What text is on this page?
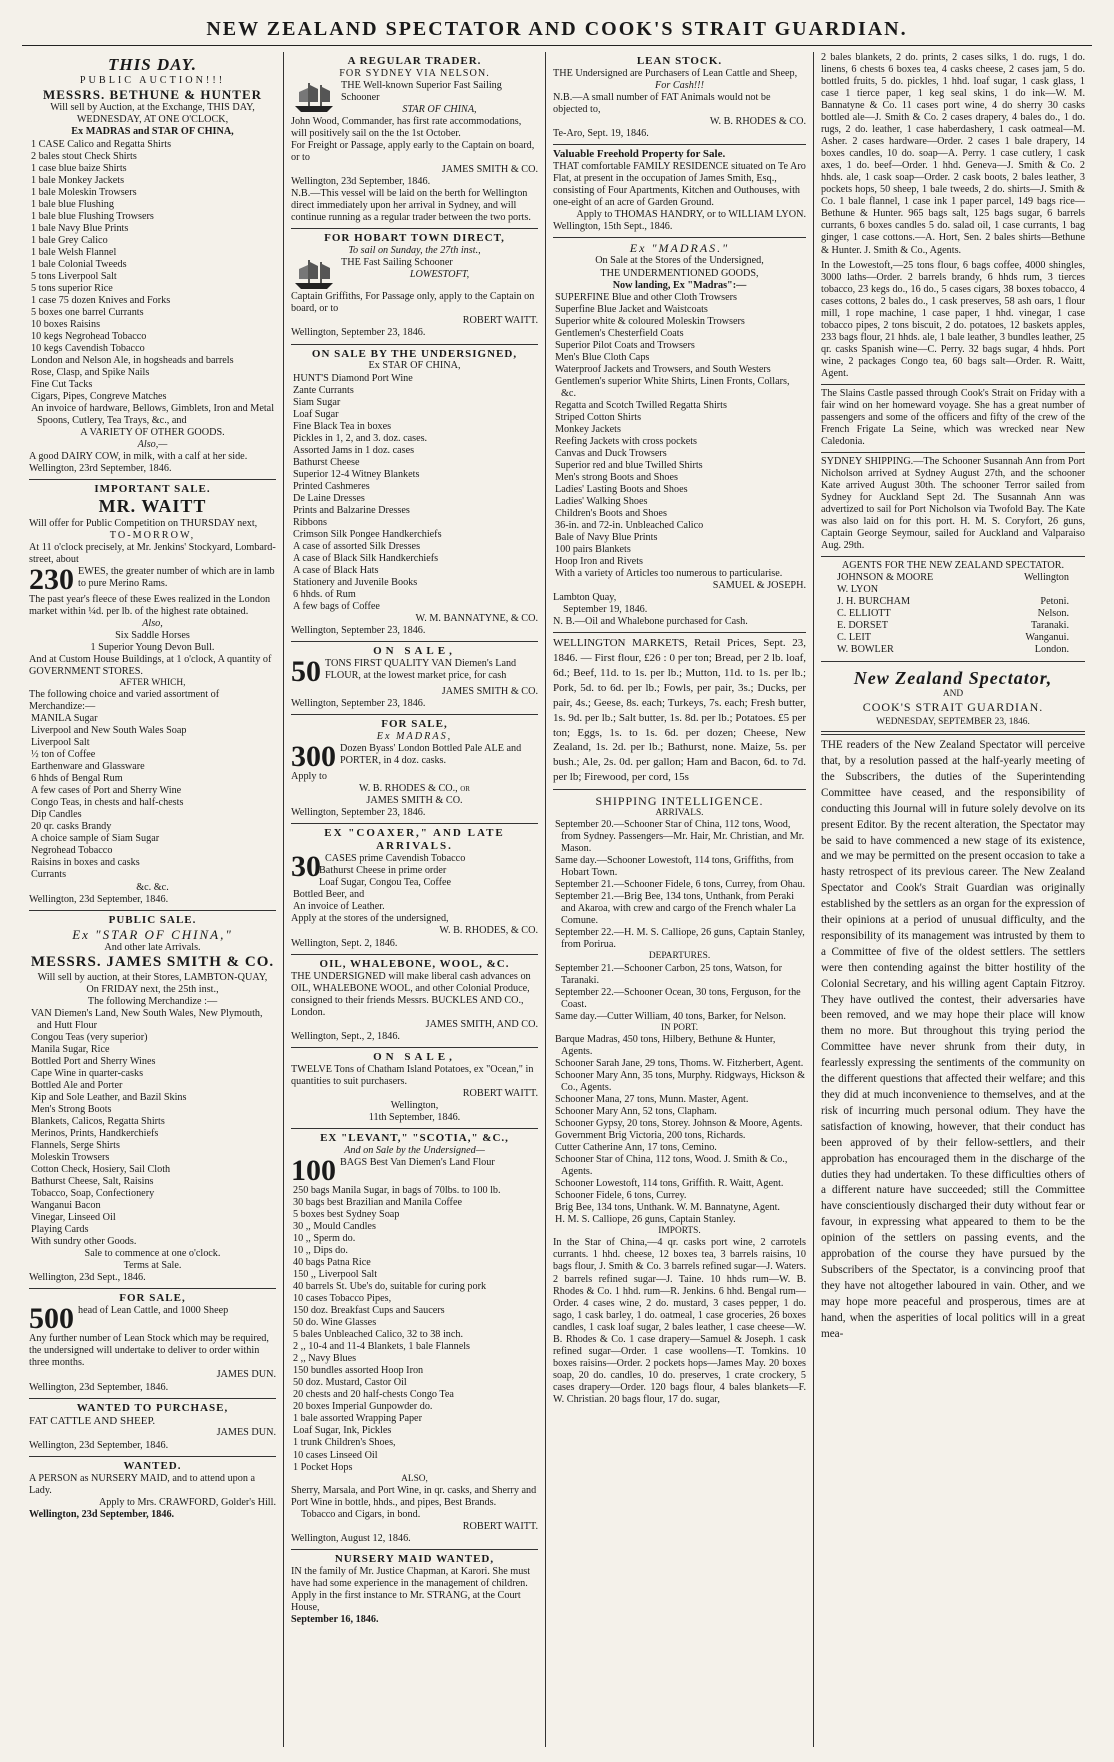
NEW ZEALAND SPECTATOR AND COOK'S STRAIT GUARDIAN.
THIS DAY.
PUBLIC AUCTION!!!
MESSRS. BETHUNE & HUNTER
Will sell by Auction, at the Exchange, THIS DAY, WEDNESDAY, AT ONE O'CLOCK,
Ex MADRAS and STAR OF CHINA,
1 CASE Calico and Regatta Shirts
2 bales stout Check Shirts
1 case blue baize Shirts
1 bale Monkey Jackets
1 bale Moleskin Trowsers
1 bale blue Flushing
1 bale blue Flushing Trowsers
1 bale Navy Blue Prints
1 bale Grey Calico
1 bale Welsh Flannel
1 bale Colonial Tweeds
5 tons Liverpool Salt
5 tons superior Rice
1 case 75 dozen Knives and Forks
5 boxes one barrel Currants
10 boxes Raisins
10 kegs Negrohead Tobacco
10 kegs Cavendish Tobacco
London and Nelson Ale, in hogsheads and barrels
Rose, Clasp, and Spike Nails
Fine Cut Tacks
Cigars, Pipes, Congreve Matches
An invoice of hardware, Bellows, Gimblets, Iron and Metal Spoons, Cutlery, Tea Trays, &c., and
A VARIETY OF OTHER GOODS.
Also,—
A good DAIRY COW, in milk, with a calf at her side.
Wellington, 23rd September, 1846.
IMPORTANT SALE.
MR. WAITT
Will offer for Public Competition on THURSDAY next,
TO-MORROW,
At 11 o'clock precisely, at Mr. Jenkins' Stockyard, Lombard-street, about
230 EWES, the greater number of which are in lamb to pure Merino Rams.
The past year's fleece of these Ewes realized in the London market within ¼d. per lb. of the highest rate obtained.
Also,
Six Saddle Horses
1 Superior Young Devon Bull.
And at Custom House Buildings, at 1 o'clock, A quantity of GOVERNMENT STORES.
AFTER WHICH,
The following choice and varied assortment of Merchandize:—
MANILA Sugar
Liverpool and New South Wales Soap
Liverpool Salt
½ ton of Coffee
Earthenware and Glassware
6 hhds of Bengal Rum
A few cases of Port and Sherry Wine
Congo Teas, in chests and half-chests
Dip Candles
20 qr. casks Brandy
A choice sample of Siam Sugar
Negrohead Tobacco
Raisins in boxes and casks
Currants
&c. &c.
Wellington, 23d September, 1846.
PUBLIC SALE.
Ex "STAR OF CHINA,"
And other late Arrivals.
MESSRS. JAMES SMITH & CO.
Will sell by auction, at their Stores, LAMBTON-QUAY,
On FRIDAY next, the 25th inst.,
The following Merchandize :—
VAN Diemen's Land, New South Wales, New Plymouth, and Hutt Flour
Congou Teas (very superior)
Manila Sugar, Rice
Bottled Port and Sherry Wines
Cape Wine in quarter-casks
Bottled Ale and Porter
Kip and Sole Leather, and Bazil Skins
Men's Strong Boots
Blankets, Calicos, Regatta Shirts
Merinos, Prints, Handkerchiefs
Flannels, Serge Shirts
Moleskin Trowsers
Cotton Check, Hosiery, Sail Cloth
Bathurst Cheese, Salt, Raisins
Tobacco, Soap, Confectionery
Wanganui Bacon
Vinegar, Linseed Oil
Playing Cards
With sundry other Goods.
Sale to commence at one o'clock.
Terms at Sale.
Wellington, 23d Sept., 1846.
FOR SALE,
500 head of Lean Cattle, and 1000 Sheep
Any further number of Lean Stock which may be required, the undersigned will undertake to deliver to order within three months.
JAMES DUN.
Wellington, 23d September, 1846.
WANTED TO PURCHASE,
FAT CATTLE AND SHEEP.
JAMES DUN.
Wellington, 23d September, 1846.
WANTED.
A PERSON as NURSERY MAID, and to attend upon a Lady.
Apply to Mrs. CRAWFORD, Golder's Hill.
Wellington, 23d September, 1846.
A REGULAR TRADER.
FOR SYDNEY VIA NELSON.
THE Well-known Superior Fast Sailing Schooner
STAR OF CHINA,
John Wood, Commander, has first rate accommodations, will positively sail on the the 1st October.
For Freight or Passage, apply early to the Captain on board, or to
JAMES SMITH & CO.
Wellington, 23d September, 1846.
N.B.—This vessel will be laid on the berth for Wellington direct immediately upon her arrival in Sydney, and will continue running as a regular trader between the two ports.
FOR HOBART TOWN DIRECT,
To sail on Sunday, the 27th inst.,
THE Fast Sailing Schooner
LOWESTOFT,
Captain Griffiths, For Passage only, apply to the Captain on board, or to
ROBERT WAITT.
Wellington, September 23, 1846.
ON SALE BY THE UNDERSIGNED,
Ex STAR OF CHINA,
HUNT'S Diamond Port Wine
Zante Currants
Siam Sugar
Loaf Sugar
Fine Black Tea in boxes
Pickles in 1, 2, and 3. doz. cases.
Assorted Jams in 1 doz. cases
Bathurst Cheese
Superior 12-4 Witney Blankets
Printed Cashmeres
De Laine Dresses
Prints and Balzarine Dresses
Ribbons
Crimson Silk Pongee Handkerchiefs
A case of assorted Silk Dresses
A case of Black Silk Handkerchiefs
A case of Black Hats
Stationery and Juvenile Books
6 hhds. of Rum
A few bags of Coffee
W. M. BANNATYNE, & CO.
Wellington, September 23, 1846.
ON SALE,
50 TONS FIRST QUALITY VAN Diemen's Land FLOUR, at the lowest market price, for cash
JAMES SMITH & CO.
Wellington, September 23, 1846.
FOR SALE,
Ex MADRAS,
300 Dozen Byass' London Bottled Pale ALE and PORTER, in 4 doz. casks.
Apply to
W. B. RHODES & CO., or
JAMES SMITH & CO.
Wellington, September 23, 1846.
EX "COAXER," AND LATE ARRIVALS.
30 CASES prime Cavendish Tobacco
Bathurst Cheese in prime order
Loaf Sugar, Congou Tea, Coffee
Bottled Beer, and
An invoice of Leather.
Apply at the stores of the undersigned,
W. B. RHODES, & CO.
Wellington, Sept. 2, 1846.
OIL, WHALEBONE, WOOL, &C.
THE UNDERSIGNED will make liberal cash advances on OIL, WHALEBONE WOOL, and other Colonial Produce, consigned to their friends Messrs. BUCKLES AND CO., London.
JAMES SMITH, AND CO.
Wellington, Sept., 2, 1846.
ON SALE,
TWELVE Tons of Chatham Island Potatoes, ex "Ocean," in quantities to suit purchasers.
ROBERT WAITT.
Wellington,
11th September, 1846.
EX "LEVANT," "SCOTIA," &C.,
And on Sale by the Undersigned—
100 BAGS Best Van Diemen's Land Flour
250 bags Manila Sugar, in bags of 70lbs. to 100 lb.
30 bags best Brazilian and Manila Coffee
5 boxes best Sydney Soap
30 ,, Mould Candles
10 ,, Sperm do.
10 ,, Dips do.
40 bags Patna Rice
150 ,, Liverpool Salt
40 barrels St. Ube's do, suitable for curing pork
10 cases Tobacco Pipes,
150 doz. Breakfast Cups and Saucers
50 do. Wine Glasses
5 bales Unbleached Calico, 32 to 38 inch.
2 ,, 10-4 and 11-4 Blankets, 1 bale Flannels
2 ,, Navy Blues
150 bundles assorted Hoop Iron
50 doz. Mustard, Castor Oil
20 chests and 20 half-chests Congo Tea
20 boxes Imperial Gunpowder do.
1 bale assorted Wrapping Paper
Loaf Sugar, Ink, Pickles
1 trunk Children's Shoes,
10 cases Linseed Oil
1 Pocket Hops
ALSO,
Sherry, Marsala, and Port Wine, in qr. casks, and Sherry and Port Wine in bottle, hhds., and pipes, Best Brands.
Tobacco and Cigars, in bond.
ROBERT WAITT.
Wellington, August 12, 1846.
NURSERY MAID WANTED,
IN the family of Mr. Justice Chapman, at Karori. She must have had some experience in the management of children.
Apply in the first instance to Mr. STRANG, at the Court House,
September 16, 1846.
LEAN STOCK.
THE Undersigned are Purchasers of Lean Cattle and Sheep,
For Cash!!!
N.B.—A small number of FAT Animals would not be objected to,
W. B. RHODES & CO.
Te-Aro, Sept. 19, 1846.
Valuable Freehold Property for Sale.
THAT comfortable FAMILY RESIDENCE situated on Te Aro Flat, at present in the occupation of James Smith, Esq., consisting of Four Apartments, Kitchen and Outhouses, with one-eight of an acre of Garden Ground.
Apply to THOMAS HANDRY, or to WILLIAM LYON.
Wellington, 15th Sept., 1846.
Ex "MADRAS."
On Sale at the Stores of the Undersigned,
THE UNDERMENTIONED GOODS,
Now landing, Ex "Madras":—
SUPERFINE Blue and other Cloth Trowsers
Superfine Blue Jacket and Waistcoats
Superior white & coloured Moleskin Trowsers
Gentlemen's Chesterfield Coats
Superior Pilot Coats and Trowsers
Men's Blue Cloth Caps
Waterproof Jackets and Trowsers, and South Westers
Gentlemen's superior White Shirts, Linen Fronts, Collars, &c.
Regatta and Scotch Twilled Regatta Shirts
Striped Cotton Shirts
Monkey Jackets
Reefing Jackets with cross pockets
Canvas and Duck Trowsers
Superior red and blue Twilled Shirts
Men's strong Boots and Shoes
Ladies' Lasting Boots and Shoes
Ladies' Walking Shoes
Children's Boots and Shoes
36-in. and 72-in. Unbleached Calico
Bale of Navy Blue Prints
100 pairs Blankets
Hoop Iron and Rivets
With a variety of Articles too numerous to particularise.
SAMUEL & JOSEPH.
Lambton Quay,
September 19, 1846.
N. B.—Oil and Whalebone purchased for Cash.
WELLINGTON MARKETS, Retail Prices, Sept. 23, 1846. — First flour, £26 : 0 per ton; Bread, per 2 lb. loaf, 6d.; Beef, 11d. to 1s. per lb.; Mutton, 11d. to 1s. per lb.; Pork, 5d. to 6d. per lb.; Fowls, per pair, 3s.; Ducks, per pair, 4s.; Geese, 8s. each; Turkeys, 7s. each; Fresh butter, 1s. 9d. per lb.; Salt butter, 1s. 8d. per lb.; Potatoes. £5 per ton; Eggs, 1s. to 1s. 6d. per dozen; Cheese, New Zealand, 1s. 2d. per lb.; Bathurst, none. Maize, 5s. per bush.; Ale, 2s. 0d. per gallon; Ham and Bacon, 6d. to 7d. per lb; Firewood, per cord, 15s
SHIPPING INTELLIGENCE.
ARRIVALS.
September 20.—Schooner Star of China, 112 tons, Wood, from Sydney. Passengers—Mr. Hair, Mr. Christian, and Mr. Mason.
Same day.—Schooner Lowestoft, 114 tons, Griffiths, from Hobart Town.
September 21.—Schooner Fidele, 6 tons, Currey, from Ohau.
September 21.—Brig Bee, 134 tons, Unthank, from Peraki and Akaroa, with crew and cargo of the French whaler La Comune.
September 22.—H. M. S. Calliope, 26 guns, Captain Stanley, from Porirua.
DEPARTURES.
September 21.—Schooner Carbon, 25 tons, Watson, for Taranaki.
September 22.—Schooner Ocean, 30 tons, Ferguson, for the Coast.
Same day.—Cutter William, 40 tons, Barker, for Nelson.
IN PORT.
Barque Madras, 450 tons, Hilbery, Bethune & Hunter, Agents.
Schooner Sarah Jane, 29 tons, Thoms. W. Fitzherbert, Agent.
Schooner Mary Ann, 35 tons, Murphy. Ridgways, Hickson & Co., Agents.
Schooner Mana, 27 tons, Munn. Master, Agent.
Schooner Mary Ann, 52 tons, Clapham.
Schooner Gypsy, 20 tons, Storey. Johnson & Moore, Agents.
Government Brig Victoria, 200 tons, Richards.
Cutter Catherine Ann, 17 tons, Cemino.
Schooner Star of China, 112 tons, Wood. J. Smith & Co., Agents.
Schooner Lowestoft, 114 tons, Griffith. R. Waitt, Agent.
Schooner Fidele, 6 tons, Currey.
Brig Bee, 134 tons, Unthank. W. M. Bannatyne, Agent.
H. M. S. Calliope, 26 guns, Captain Stanley.
IMPORTS.
In the Star of China,—4 qr. casks port wine, 2 carrotels currants. 1 hhd. cheese, 12 boxes tea, 3 barrels raisins, 10 bags flour, J. Smith & Co. 3 barrels refined sugar—J. Waters. 2 barrels refined sugar—J. Taine. 10 hhds rum—W. B. Rhodes & Co. 1 hhd. rum—R. Jenkins. 6 hhd. Bengal rum—Order. 4 cases wine, 2 do. mustard, 3 cases pepper, 1 do. sago, 1 cask barley, 1 do. oatmeal, 1 case groceries, 26 boxes candles, 1 cask loaf sugar, 2 bales leather, 1 case cheese—W. B. Rhodes & Co. 1 case drapery—Samuel & Joseph. 1 cask refined sugar—Order. 1 case woollens—T. Tomkins. 10 boxes raisins—Order. 2 pockets hops—James May. 20 boxes soap, 20 do. candles, 10 do. preserves, 1 crate crockery, 5 cases drapery—Order. 120 bags flour, 4 bales blankets—F. W. Christian. 20 bags flour, 17 do. sugar,
2 bales blankets, 2 do. prints, 2 cases silks, 1 do. rugs, 1 do. linens, 6 chests 6 boxes tea, 4 casks cheese, 2 cases jam, 5 do. bottled fruits, 5 do. pickles, 1 hhd. loaf sugar, 1 cask glass, 1 case 1 tierce paper, 1 keg seal skins, 1 do ink—W. M. Bannatyne & Co. 11 cases port wine, 4 do sherry 30 casks bottled ale—J. Smith & Co. 2 cases drapery, 4 bales do., 1 do. rugs, 2 do. leather, 1 case haberdashery, 1 cask oatmeal—M. Asher. 2 cases hardware—Order. 2 cases 1 bale drapery, 14 boxes candles, 10 do. soap—A. Perry. 1 case cutlery, 1 cask axes, 1 do. beef—Order. 1 hhd. Geneva—J. Smith & Co. 2 hhds. ale, 1 cask soap—Order. 2 cask boots, 2 bales leather, 3 pockets hops, 50 sheep, 1 bale tweeds, 2 do. shirts—J. Smith & Co. 1 bale flannel, 1 case ink 1 paper parcel, 149 bags rice—Bethune & Hunter. 965 bags salt, 125 bags sugar, 6 barrels currants, 6 boxes candles 5 do. salad oil, 1 case currants, 1 bag ginger, 1 case cottons.—A. Hort, Sen. 2 bales shirts—Bethune & Hunter. J. Smith & Co., Agents.
In the Lowestoft,—25 tons flour, 6 bags coffee, 4000 shingles, 3000 laths—Order. 2 barrels brandy, 6 hhds rum, 3 tierces tobacco, 23 kegs do., 16 do., 5 cases cigars, 38 boxes tobacco, 4 cases cottons, 2 bales do., 1 cask preserves, 58 ash oars, 1 flour mill, 1 rope machine, 1 case paper, 1 hhd. vinegar, 1 case tobacco pipes, 2 tons biscuit, 2 do. potatoes, 12 baskets apples, 233 bags flour, 21 hhds. ale, 1 bale leather, 3 bundles leather, 25 qr. casks Spanish wine—C. Perry. 32 bags sugar, 4 hhds. Port wine, 2 packages Congo tea, 60 bags salt—Order. R. Waitt, Agent.
The Slains Castle passed through Cook's Strait on Friday with a fair wind on her homeward voyage. She has a great number of passengers and some of the officers and fifty of the crew of the French Frigate La Seine, which was wrecked near New Caledonia.
SYDNEY SHIPPING.—The Schooner Susannah Ann from Port Nicholson arrived at Sydney August 27th, and the schooner Kate arrived August 30th. The schooner Terror sailed from Sydney for Auckland Sept 2d. The Susannah Ann was advertized to sail for Port Nicholson via Twofold Bay. The Kate was also laid on for this port. H. M. S. Coryfort, 26 guns, Captain George Seymour, sailed for Auckland and Valparaiso Aug. 29th.
AGENTS FOR THE NEW ZEALAND SPECTATOR.
JOHNSON & MOORE	Wellington
W. LYON
J. H. BURCHAM	Petoni.
C. ELLIOTT	Nelson.
E. DORSET	Taranaki.
C. LEIT	Wanganui.
W. BOWLER	London.
New Zealand Spectator,
AND
COOK'S STRAIT GUARDIAN.
WEDNESDAY, SEPTEMBER 23, 1846.
THE readers of the New Zealand Spectator will perceive that, by a resolution passed at the half-yearly meeting of the Subscribers, the duties of the Superintending Committee have ceased, and the responsibility of conducting this Journal will in future solely devolve on its present Editor. By the recent alteration, the Spectator may be said to have commenced a new stage of its existence, and we may be permitted on the present occasion to take a hasty retrospect of its previous career. The New Zealand Spectator and Cook's Strait Guardian was originally established by the settlers as an organ for the expression of their opinions at a period of unusual difficulty, and the responsibility of its management was intrusted by them to a Committee of five of the oldest settlers. The settlers were then contending against the bitter hostility of the Colonial Secretary, and his willing agent Captain Fitzroy. They have outlived the contest, their adversaries have been removed, and we may hope their place will know them no more. But throughout this trying period the Committee have never shrunk from their duty, in fearlessly expressing the sentiments of the community on the different questions that affected their welfare; and this they did at much inconvenience to themselves, and at the risk of incurring much personal odium. They have the satisfaction of knowing, however, that their conduct has been approved of by their fellow-settlers, and their approbation has encouraged them in the discharge of the duties they had undertaken. To these difficulties others of a different nature have succeeded; still the Committee have conscientiously discharged their duty without fear or favour, in expressing what appeared to them to be the opinion of the settlers on passing events, and the approbation of the course they have pursued by the Subscribers of the Spectator, is a convincing proof that they have not altogether laboured in vain. Other, and we may hope more peaceful and prosperous, times are at hand, when the asperities of local politics will in a great mea-
